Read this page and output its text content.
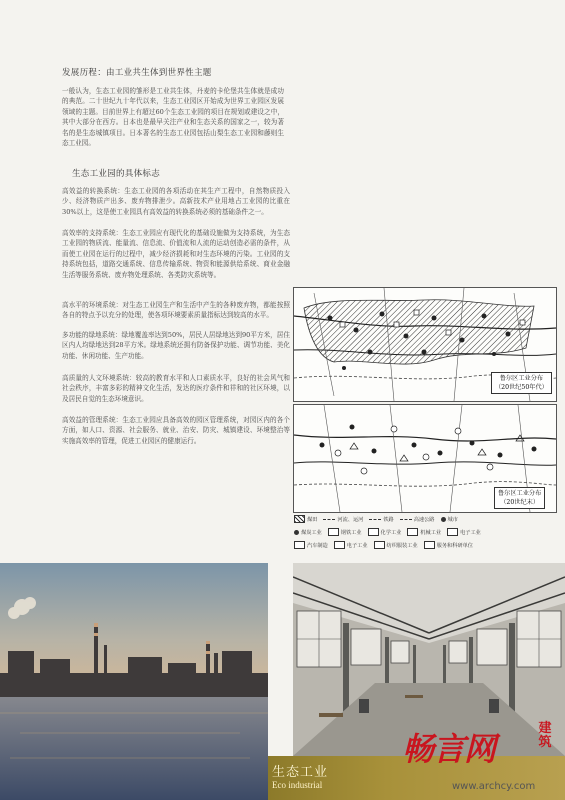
发展历程：由工业共生体到世界性主题

一般认为，生态工业园的雏形是工业共生体，丹麦的卡伦堡共生体就是成功的典范。二十世纪九十年代以来，生态工业园区开始成为世界工业园区发展领域的主题。目前世界上有超过60个生态工业园的项目在规划或建设之中，其中大部分在西方。日本也是最早关注产业和生态关系的国家之一，较为著名的是生态城镇项目。日本著名的生态工业园包括山梨生态工业园和藤则生态工业园。

生态工业园的具体标志

高效益的转换系统：生态工业园的各项活动在其生产工程中，自然物质投入少、经济物质产出多、废弃物排泄少。高新技术产业用地占工业园的比重在30%以上，这是使工业园具有高效益的转换系统必须的基础条件之一。

高效率的支持系统：生态工业园应有现代化的基础设施做为支持系统，为生态工业园的物质流、能量流、信息流、价值流和人流的运动创造必需的条件，从而使工业园在运行的过程中，减少经济损耗和对生态环境的污染。工业园的支持系统包括，道路交通系统、信息传输系统、物资和能源供给系统、商业金融生活等服务系统、废弃物处理系统、各类防灾系统等。

高水平的环境系统：对生态工业园生产和生活中产生的各种废弃物，都能按照各自的特点予以充分的处理，使各项环境要素质量指标达到较高的水平。

多功能的绿地系统：绿地覆盖率达到50%，居民人居绿地达到90平方米，居住区内人均绿地达到28平方米。绿地系统还拥有防备保护功能、调节功能、美化功能、休闲功能、生产功能。

高质量的人文环境系统：较高的教育水平和人口素质水平，良好的社会风气和社会秩序，丰富多彩的精神文化生活，发达的医疗条件和祥和的社区环境，以及居民自觉的生态环境意识。

高效益的管理系统：生态工业园应具备高效的园区管理系统，对园区内的各个方面，如人口、资源、社会服务、就业、治安、防灾、城镇建设、环境整治等实施高效率的管理，促进工业园区的健康运行。

鲁尔区工业分布
（20世纪50年代）
鲁尔区工业分布
（20世纪末）
煤田	河流、运河	铁路	高速公路	城市
煤炭工业	钢铁工业	化学工业	机械工业	电子工业
汽车制造	电子工业	纺织服装工业	服务和科研单位
生态工业
Eco industrial
畅言网
建筑
www.archcy.com
